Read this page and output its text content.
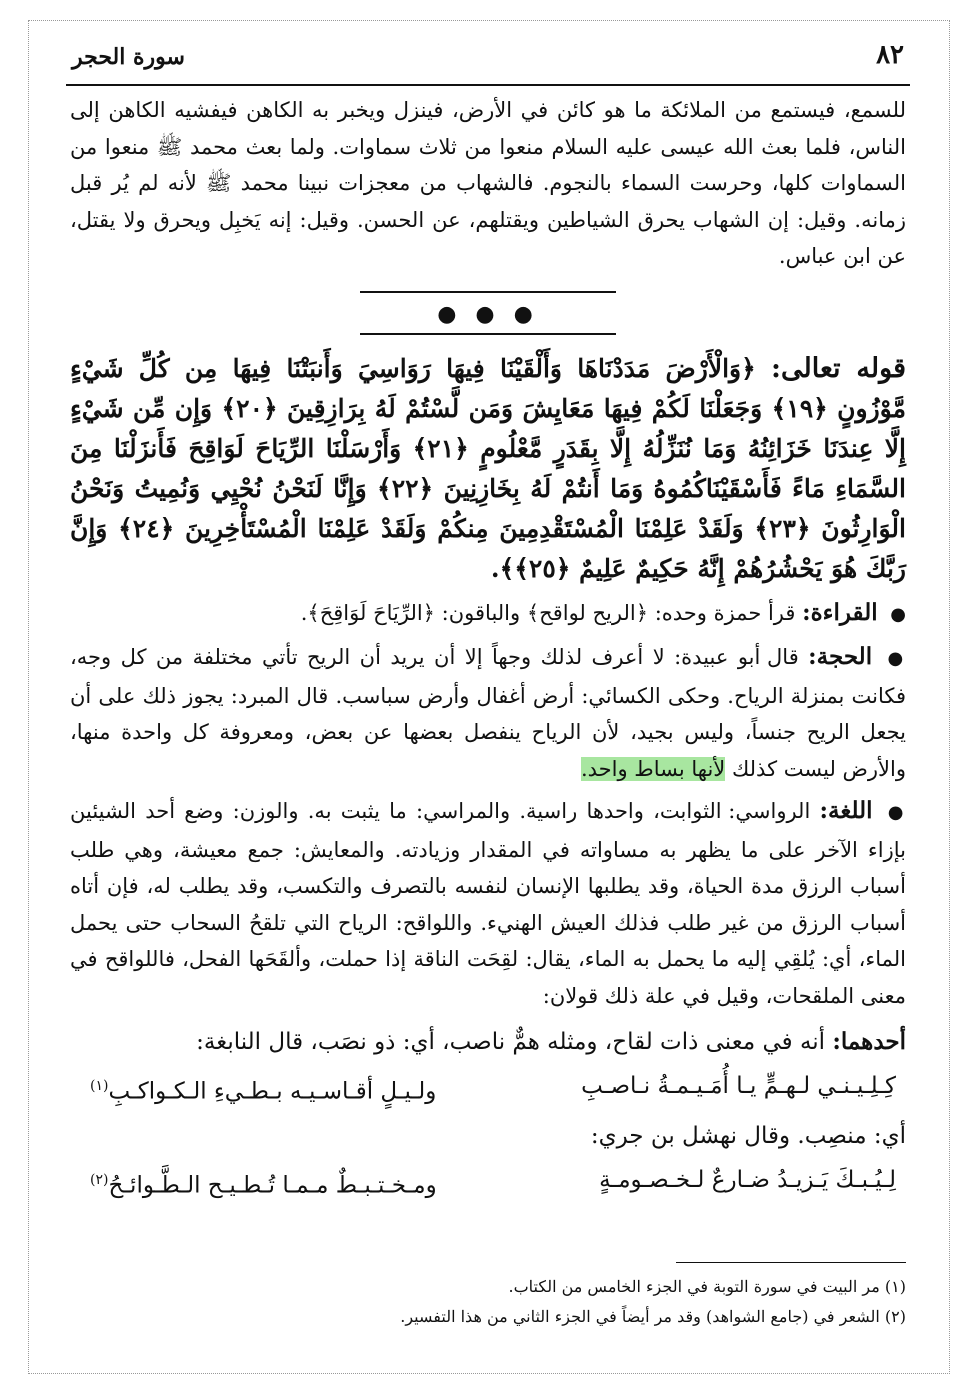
٨٢
سورة الحجر

للسمع، فيستمع من الملائكة ما هو كائن في الأرض، فينزل ويخبر به الكاهن فيفشيه الكاهن إلى الناس، فلما بعث الله عيسى عليه السلام منعوا من ثلاث سماوات. ولما بعث محمد ﷺ منعوا من السماوات كلها، وحرست السماء بالنجوم. فالشهاب من معجزات نبينا محمد ﷺ لأنه لم يُر قبل زمانه. وقيل: إن الشهاب يحرق الشياطين ويقتلهم، عن الحسن. وقيل: إنه يَخبِل ويحرق ولا يقتل، عن ابن عباس.

● ● ●

قوله تعالى: ﴿وَالْأَرْضَ مَدَدْنَاهَا وَأَلْقَيْنَا فِيهَا رَوَاسِيَ وَأَنبَتْنَا فِيهَا مِن كُلِّ شَيْءٍ مَّوْزُونٍ ﴿١٩﴾ وَجَعَلْنَا لَكُمْ فِيهَا مَعَايِشَ وَمَن لَّسْتُمْ لَهُ بِرَازِقِينَ ﴿٢٠﴾ وَإِن مِّن شَيْءٍ إِلَّا عِندَنَا خَزَائِنُهُ وَمَا نُنَزِّلُهُ إِلَّا بِقَدَرٍ مَّعْلُومٍ ﴿٢١﴾ وَأَرْسَلْنَا الرِّيَاحَ لَوَاقِحَ فَأَنزَلْنَا مِنَ السَّمَاءِ مَاءً فَأَسْقَيْنَاكُمُوهُ وَمَا أَنتُمْ لَهُ بِخَازِنِينَ ﴿٢٢﴾ وَإِنَّا لَنَحْنُ نُحْيِي وَنُمِيتُ وَنَحْنُ الْوَارِثُونَ ﴿٢٣﴾ وَلَقَدْ عَلِمْنَا الْمُسْتَقْدِمِينَ مِنكُمْ وَلَقَدْ عَلِمْنَا الْمُسْتَأْخِرِينَ ﴿٢٤﴾ وَإِنَّ رَبَّكَ هُوَ يَحْشُرُهُمْ إِنَّهُ حَكِيمٌ عَلِيمٌ ﴿٢٥﴾﴾.

● القراءة: قرأ حمزة وحده: ﴿الريح لواقح﴾ والباقون: ﴿الرِّيَاحَ لَوَاقِحَ﴾.

● الحجة: قال أبو عبيدة: لا أعرف لذلك وجهاً إلا أن يريد أن الريح تأتي مختلفة من كل وجه، فكانت بمنزلة الرياح. وحكى الكسائي: أرض أغفال وأرض سباسب. قال المبرد: يجوز ذلك على أن يجعل الريح جنساً، وليس بجيد، لأن الرياح ينفصل بعضها عن بعض، ومعروفة كل واحدة منها، والأرض ليست كذلك لأنها بساط واحد.

● اللغة: الرواسي: الثوابت، واحدها راسية. والمراسي: ما يثبت به. والوزن: وضع أحد الشيئين بإزاء الآخر على ما يظهر به مساواته في المقدار وزيادته. والمعايش: جمع معيشة، وهي طلب أسباب الرزق مدة الحياة، وقد يطلبها الإنسان لنفسه بالتصرف والتكسب، وقد يطلب له، فإن أتاه أسباب الرزق من غير طلب فذلك العيش الهنيء. واللواقح: الرياح التي تلقحُ السحاب حتى يحمل الماء، أي: يُلقِي إليه ما يحمل به الماء، يقال: لقِحَت الناقة إذا حملت، وألقَحَها الفحل، فاللواقح في معنى الملقحات، وقيل في علة ذلك قولان:

أحدهما: أنه في معنى ذات لقاح، ومثله همٌّ ناصب، أي: ذو نصَب، قال النابغة:

كِـلِـيـنـي لـهـمٍّ يـا أُمَـيـمـةُ نـاصـبِ
ولـيـلٍ أقـاسـيـه بـطـيءِ الـكـواكـبِ$^{(١)}$

أي: منصِب. وقال نهشل بن جري:

لِـيُـبـكَ يَـزيـدُ ضـارعٌ لـخـصـومـةٍ
ومـخـتـبـطٌ مـمـا تُـطـيـح الـطَّـوائـحُ$^{(٢)}$
(١) مر البيت في سورة التوبة في الجزء الخامس من الكتاب.
(٢) الشعر في (جامع الشواهد) وقد مر أيضاً في الجزء الثاني من هذا التفسير.
